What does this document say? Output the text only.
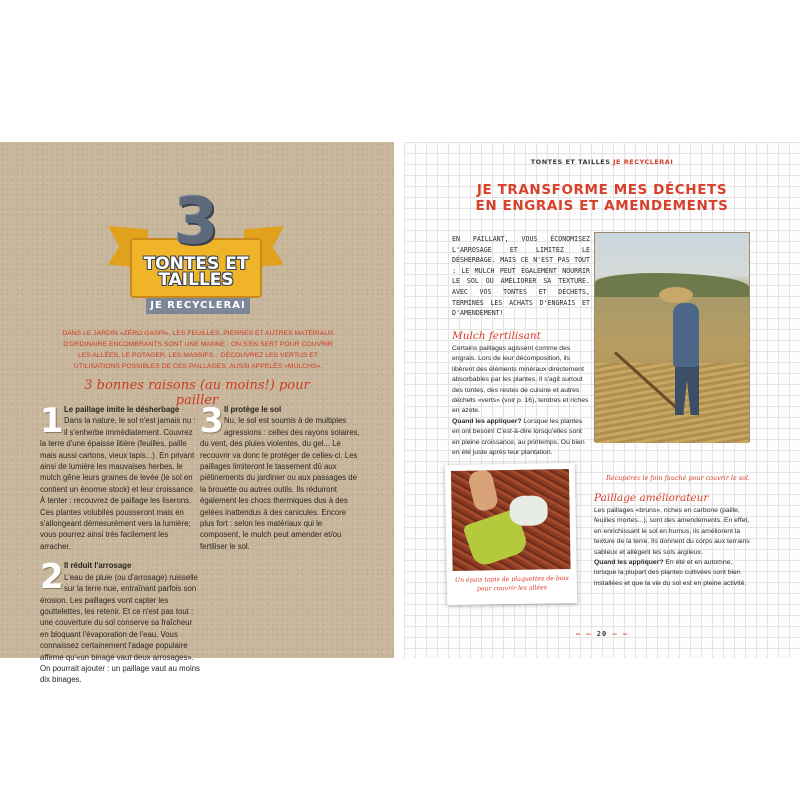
3
TONTES ET
TAILLES
JE RECYCLERAI
DANS LE JARDIN «ZÉRO GASPI», LES FEUILLES, PIERRES ET AUTRES MATÉRIAUX D'ORDINAIRE ENCOMBRANTS SONT UNE MANNE : ON S'EN SERT POUR COUVRIR LES ALLÉES, LE POTAGER, LES MASSIFS... DÉCOUVREZ LES VERTUS ET UTILISATIONS POSSIBLES DE CES PAILLAGES, AUSSI APPELÉS «MULCHS».
3 bonnes raisons (au moins!) pour pailler
1 Le paillage imite le désherbage
Dans la nature, le sol n'est jamais nu : il s'enherbe immédiatement. Couvrez la terre d'une épaisse litière (feuilles, paille mais aussi cartons, vieux tapis...). En privant ainsi de lumière les mauvaises herbes, le mulch gêne leurs graines de levée (le sol en contient un énorme stock) et leur croissance. À tenter : recouvrez de paillage les liserons. Ces plantes volubiles pousseront mais en s'allongeant démesurément vers la lumière; vous pourrez ainsi très facilement les arracher.
2 Il réduit l'arrosage
L'eau de pluie (ou d'arrosage) ruisselle sur la terre nue, entraînant parfois son érosion. Les paillages vont capter les gouttelettes, les retenir. Et ce n'est pas tout : une couverture du sol conserve sa fraîcheur en bloquant l'évaporation de l'eau. Vous connaissez certainement l'adage populaire affirme qu'«un binage vaut deux arrosages». On pourrait ajouter : un paillage vaut au moins dix binages.
3 Il protège le sol
Nu, le sol est soumis à de multiples agressions : celles des rayons solaires, du vent, des pluies violentes, du gel... Le recouvrir va donc le protéger de celles-ci. Les paillages limiteront le tassement dû aux piétinements du jardinier ou aux passages de la brouette ou autres outils. Ils réduiront également les chocs thermiques dus à des gelées inattendus à des canicules. Encore plus fort : selon les matériaux qui le composent, le mulch peut amender et/ou fertiliser le sol.
TONTES ET TAILLES JE RECYCLERAI
JE TRANSFORME MES DÉCHETS
EN ENGRAIS ET AMENDEMENTS
EN PAILLANT, VOUS ÉCONOMISEZ L'ARROSAGE ET LIMITEZ LE DÉSHERBAGE. MAIS CE N'EST PAS TOUT : LE MULCH PEUT ÉGALEMENT NOURRIR LE SOL OU AMÉLIORER SA TEXTURE. AVEC VOS TONTES ET DÉCHETS, TERMINÉS LES ACHATS D'ENGRAIS ET D'AMENDEMENT!
Récupérez le foin fauché pour couvrir le sol.
Mulch fertilisant
Certains paillages agissent comme des engrais. Lors de leur décomposition, ils libèrent des éléments minéraux directement absorbables par les plantes. Il s'agit surtout des tontes, des restes de cuisine et autres déchets «verts» (voir p. 16), tendres et riches en azote.
Quand les appliquer? Lorsque les plantes en ont besoin! C'est-à-dire lorsqu'elles sont en pleine croissance, au printemps. Ou bien en été juste après leur plantation.
Paillage améliorateur
Les paillages «bruns», riches en carbone (paille, feuilles mortes...), sont des amendements. En effet, en enrichissant le sol en humus, ils améliorent la texture de la terre. Ils donnent du corps aux terrains sableux et allègent les sols argileux.
Quand les appliquer? En été et en automne, lorsque la plupart des plantes cultivées sont bien installées et que la vie du sol est en pleine activité.
Un épais tapis de plaquettes de bois pour couvrir les allées
— — 20 — —
